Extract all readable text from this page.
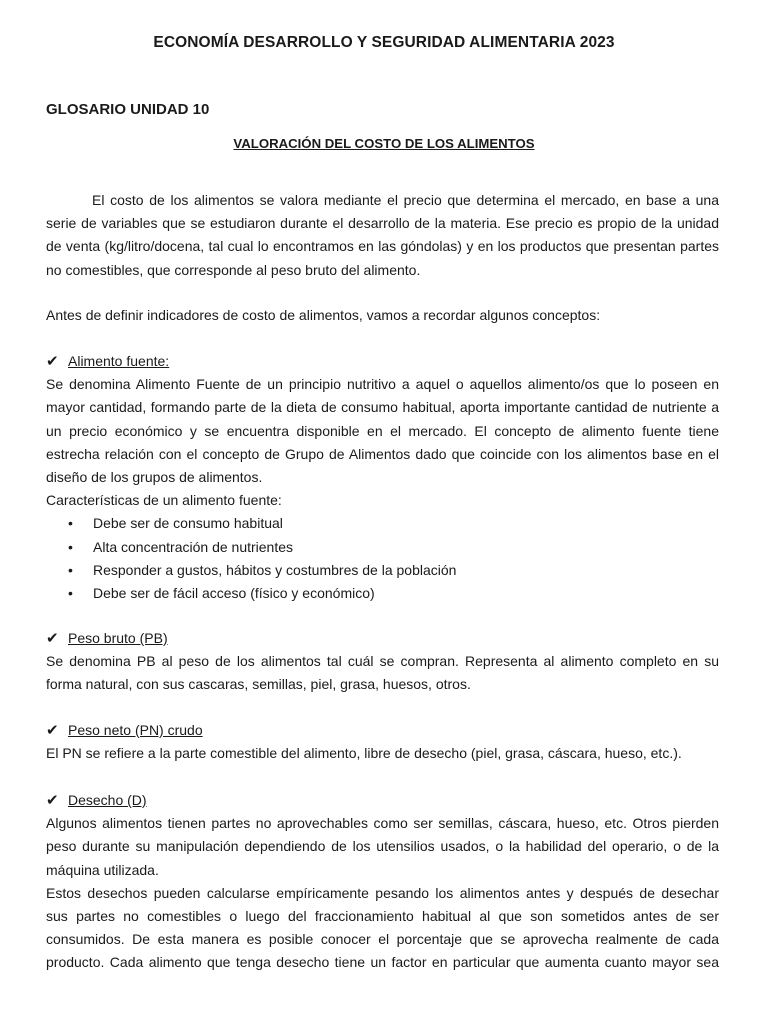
ECONOMÍA DESARROLLO Y SEGURIDAD ALIMENTARIA 2023
GLOSARIO UNIDAD 10
VALORACIÓN DEL COSTO DE LOS ALIMENTOS
El costo de los alimentos se valora mediante el precio que determina el mercado, en base a una
serie de variables que se estudiaron durante el desarrollo de la materia. Ese precio es propio de la unidad
de venta (kg/litro/docena, tal cual lo encontramos en las góndolas) y en los productos que presentan partes
no comestibles, que corresponde al peso bruto del alimento.
Antes de definir indicadores de costo de alimentos, vamos a recordar algunos conceptos:
✔ Alimento fuente:
Se denomina Alimento Fuente de un principio nutritivo a aquel o aquellos alimento/os que lo poseen en
mayor cantidad, formando parte de la dieta de consumo habitual, aporta importante cantidad de nutriente a
un precio económico y se encuentra disponible en el mercado. El concepto de alimento fuente tiene
estrecha relación con el concepto de Grupo de Alimentos dado que coincide con los alimentos base en el
diseño de los grupos de alimentos.
Características de un alimento fuente:
• Debe ser de consumo habitual
• Alta concentración de nutrientes
• Responder a gustos, hábitos y costumbres de la población
• Debe ser de fácil acceso (físico y económico)
✔ Peso bruto (PB)
Se denomina PB al peso de los alimentos tal cuál se compran. Representa al alimento completo en su
forma natural, con sus cascaras, semillas, piel, grasa, huesos, otros.
✔ Peso neto (PN) crudo
El PN se refiere a la parte comestible del alimento, libre de desecho (piel, grasa, cáscara, hueso, etc.).
✔ Desecho (D)
Algunos alimentos tienen partes no aprovechables como ser semillas, cáscara, hueso, etc. Otros pierden
peso durante su manipulación dependiendo de los utensilios usados, o la habilidad del operario, o de la
máquina utilizada.
Estos desechos pueden calcularse empíricamente pesando los alimentos antes y después de desechar
sus partes no comestibles o luego del fraccionamiento habitual al que son sometidos antes de ser
consumidos. De esta manera es posible conocer el porcentaje que se aprovecha realmente de cada
producto. Cada alimento que tenga desecho tiene un factor en particular que aumenta cuanto mayor sea
